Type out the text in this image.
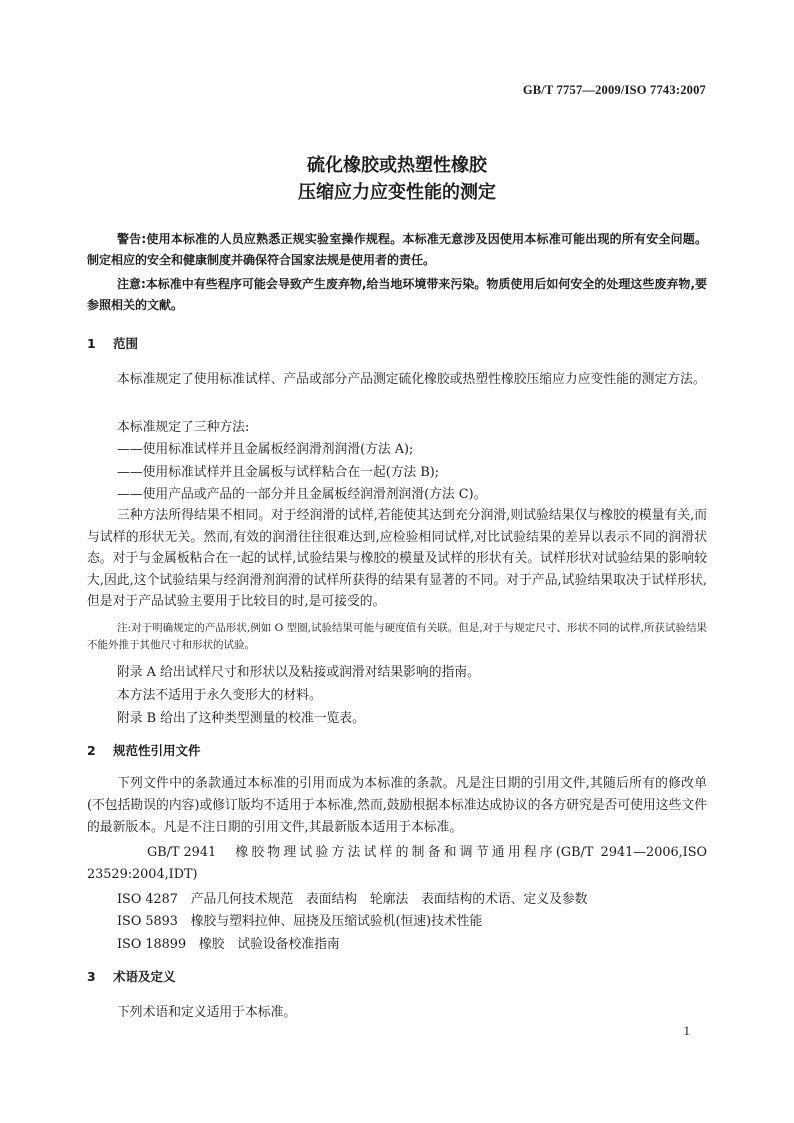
GB/T 7757—2009/ISO 7743:2007
硫化橡胶或热塑性橡胶
压缩应力应变性能的测定
警告:使用本标准的人员应熟悉正规实验室操作规程。本标准无意涉及因使用本标准可能出现的所有安全问题。制定相应的安全和健康制度并确保符合国家法规是使用者的责任。
注意:本标准中有些程序可能会导致产生废弃物,给当地环境带来污染。物质使用后如何安全的处理这些废弃物,要参照相关的文献。
1 范围
本标准规定了使用标准试样、产品或部分产品测定硫化橡胶或热塑性橡胶压缩应力应变性能的测定方法。
本标准规定了三种方法:
——使用标准试样并且金属板经润滑剂润滑(方法 A);
——使用标准试样并且金属板与试样粘合在一起(方法 B);
——使用产品或产品的一部分并且金属板经润滑剂润滑(方法 C)。
三种方法所得结果不相同。对于经润滑的试样,若能使其达到充分润滑,则试验结果仅与橡胶的模量有关,而与试样的形状无关。然而,有效的润滑往往很难达到,应检验相同试样,对比试验结果的差异以表示不同的润滑状态。对于与金属板粘合在一起的试样,试验结果与橡胶的模量及试样的形状有关。试样形状对试验结果的影响较大,因此,这个试验结果与经润滑剂润滑的试样所获得的结果有显著的不同。对于产品,试验结果取决于试样形状,但是对于产品试验主要用于比较目的时,是可接受的。
注:对于明确规定的产品形状,例如 O 型圈,试验结果可能与硬度值有关联。但是,对于与规定尺寸、形状不同的试样,所获试验结果不能外推于其他尺寸和形状的试验。
附录 A 给出试样尺寸和形状以及粘接或润滑对结果影响的指南。
本方法不适用于永久变形大的材料。
附录 B 给出了这种类型测量的校准一览表。
2 规范性引用文件
下列文件中的条款通过本标准的引用而成为本标准的条款。凡是注日期的引用文件,其随后所有的修改单(不包括勘误的内容)或修订版均不适用于本标准,然而,鼓励根据本标准达成协议的各方研究是否可使用这些文件的最新版本。凡是不注日期的引用文件,其最新版本适用于本标准。
GB/T 2941　 橡胶物理试验方法试样的制备和调节通用程序(GB/T 2941—2006,ISO 23529:2004,IDT)
ISO 4287　 产品几何技术规范　表面结构　轮廓法　表面结构的术语、定义及参数
ISO 5893　 橡胶与塑料拉伸、屈挠及压缩试验机(恒速)技术性能
ISO 18899　 橡胶　试验设备校准指南
3 术语及定义
下列术语和定义适用于本标准。
1
